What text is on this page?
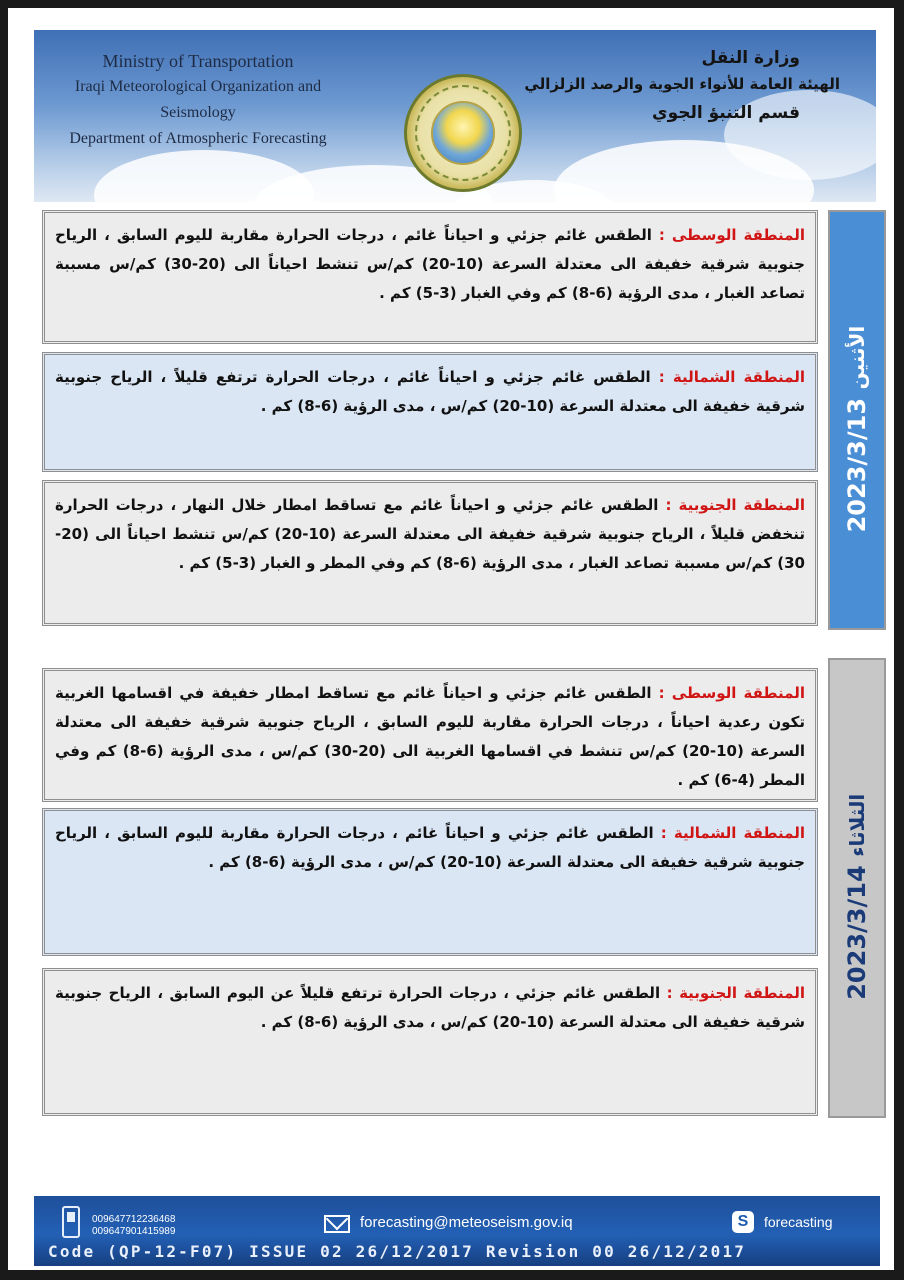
Ministry of Transportation
Iraqi Meteorological Organization and Seismology
Department of Atmospheric Forecasting
وزارة النقل
الهيئة العامة للأنواء الجوية والرصد الزلزالي
قسم التنبؤ الجوي
المنطقة الوسطى : الطقس غائم جزئي و احياناً غائم ، درجات الحرارة مقاربة لليوم السابق ، الرياح جنوبية شرقية خفيفة الى معتدلة السرعة (10-20) كم/س تنشط احياناً الى (20-30) كم/س مسببة تصاعد الغبار ، مدى الرؤية (6-8) كم وفي الغبار (3-5) كم .
المنطقة الشمالية : الطقس غائم جزئي و احياناً غائم ، درجات الحرارة ترتفع قليلاً ، الرياح جنوبية شرقية خفيفة الى معتدلة السرعة (10-20) كم/س ، مدى الرؤية (6-8) كم .
المنطقة الجنوبية : الطقس غائم جزئي و احياناً غائم مع تساقط امطار خلال النهار ، درجات الحرارة تنخفض قليلاً ، الرياح جنوبية شرقية خفيفة الى معتدلة السرعة (10-20) كم/س تنشط احياناً الى (20-30) كم/س مسببة تصاعد الغبار ، مدى الرؤية (6-8) كم وفي المطر و الغبار (3-5) كم .
الأثنين 2023/3/13
المنطقة الوسطى : الطقس غائم جزئي و احياناً غائم مع تساقط امطار خفيفة في اقسامها الغربية تكون رعدية احياناً ، درجات الحرارة مقاربة لليوم السابق ، الرياح جنوبية شرقية خفيفة الى معتدلة السرعة (10-20) كم/س تنشط في اقسامها الغربية الى (20-30) كم/س ، مدى الرؤية (6-8) كم وفي المطر (4-6) كم .
المنطقة الشمالية : الطقس غائم جزئي و احياناً غائم ، درجات الحرارة مقاربة لليوم السابق ، الرياح جنوبية شرقية خفيفة الى معتدلة السرعة (10-20) كم/س ، مدى الرؤية (6-8) كم .
المنطقة الجنوبية : الطقس غائم جزئي ، درجات الحرارة ترتفع قليلاً عن اليوم السابق ، الرياح جنوبية شرقية خفيفة الى معتدلة السرعة (10-20) كم/س ، مدى الرؤية (6-8) كم .
الثلاثاء 2023/3/14
009647712236468
009647901415989
forecasting@meteoseism.gov.iq	S	forecasting
Code (QP-12-F07) ISSUE 02 26/12/2017 Revision 00 26/12/2017
